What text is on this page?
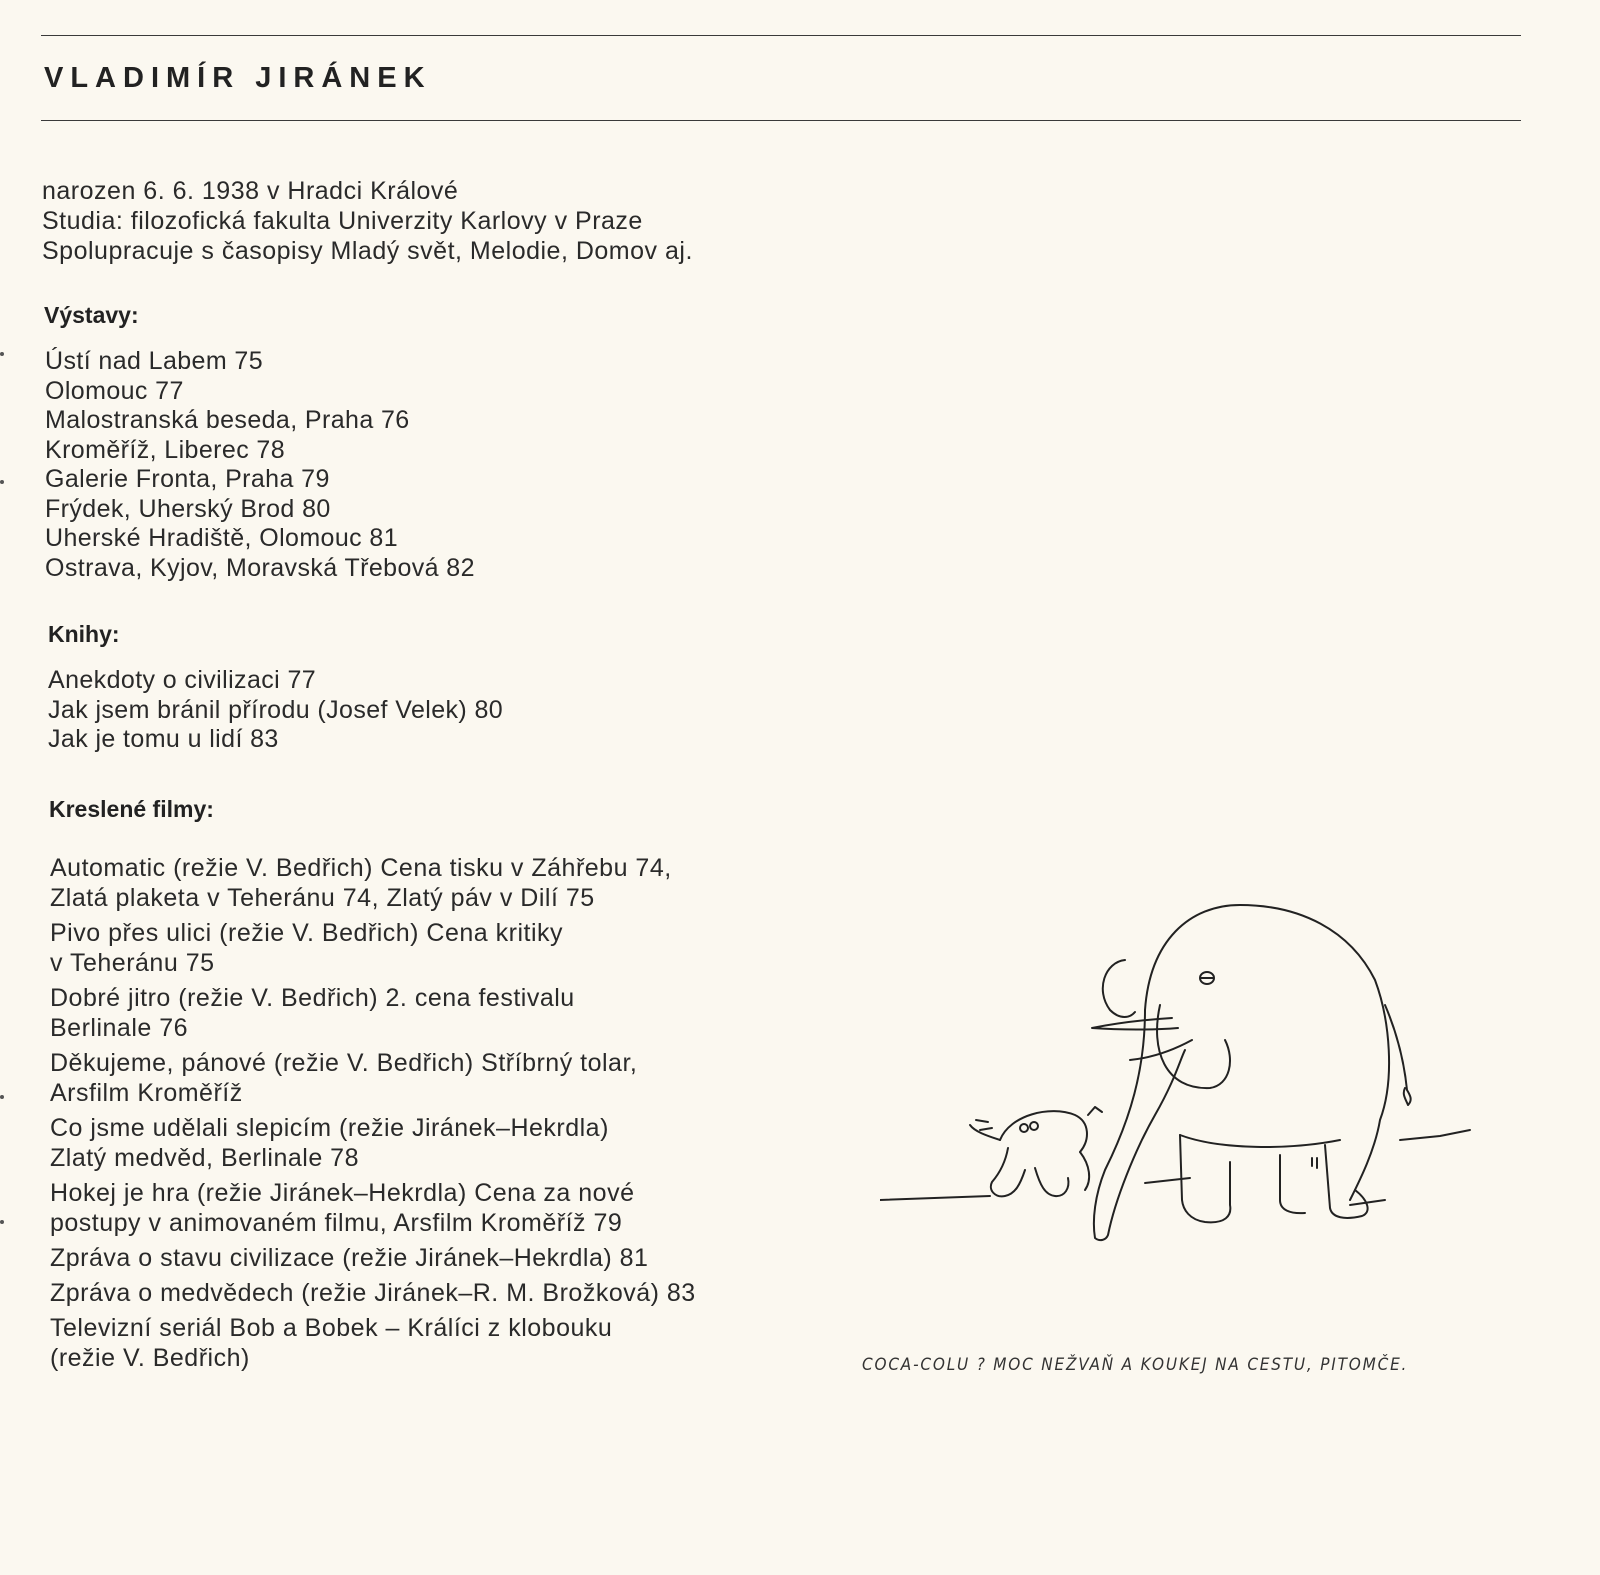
VLADIMÍR JIRÁNEK
narozen 6. 6. 1938 v Hradci Králové
Studia: filozofická fakulta Univerzity Karlovy v Praze
Spolupracuje s časopisy Mladý svět, Melodie, Domov aj.
Výstavy:
Ústí nad Labem 75
Olomouc 77
Malostranská beseda, Praha 76
Kroměříž, Liberec 78
Galerie Fronta, Praha 79
Frýdek, Uherský Brod 80
Uherské Hradiště, Olomouc 81
Ostrava, Kyjov, Moravská Třebová 82
Knihy:
Anekdoty o civilizaci 77
Jak jsem bránil přírodu (Josef Velek) 80
Jak je tomu u lidí 83
Kreslené filmy:
Automatic (režie V. Bedřich) Cena tisku v Záhřebu 74,
Zlatá plaketa v Teheránu 74, Zlatý páv v Dilí 75
Pivo přes ulici (režie V. Bedřich) Cena kritiky
v Teheránu 75
Dobré jitro (režie V. Bedřich) 2. cena festivalu
Berlinale 76
Děkujeme, pánové (režie V. Bedřich) Stříbrný tolar,
Arsfilm Kroměříž
Co jsme udělali slepicím (režie Jiránek–Hekrdla)
Zlatý medvěd, Berlinale 78
Hokej je hra (režie Jiránek–Hekrdla) Cena za nové
postupy v animovaném filmu, Arsfilm Kroměříž 79
Zpráva o stavu civilizace (režie Jiránek–Hekrdla) 81
Zpráva o medvědech (režie Jiránek–R. M. Brožková) 83
Televizní seriál Bob a Bobek – Králíci z klobouku
(režie V. Bedřich)	COCA-COLU ? MOC NEŽVAŇ A KOUKEJ NA CESTU, PITOMČE.
